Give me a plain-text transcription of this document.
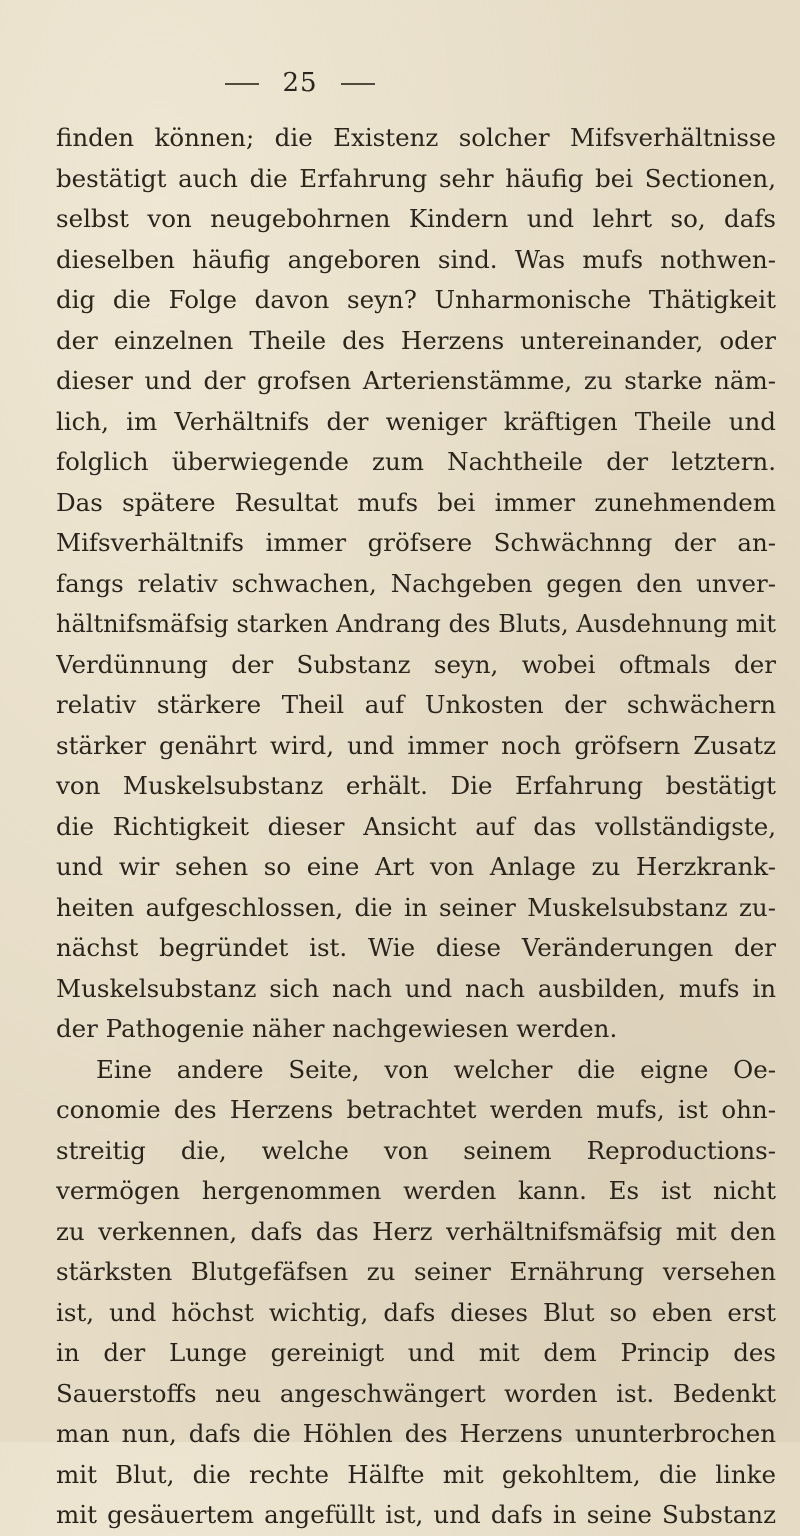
25
finden können; die Existenz solcher Mifsverhältnisse
bestätigt auch die Erfahrung sehr häufig bei Sectionen,
selbst von neugebohrnen Kindern und lehrt so, dafs
dieselben häufig angeboren sind. Was mufs nothwen-
dig die Folge davon seyn? Unharmonische Thätigkeit
der einzelnen Theile des Herzens untereinander, oder
dieser und der grofsen Arterienstämme, zu starke näm-
lich, im Verhältnifs der weniger kräftigen Theile und
folglich überwiegende zum Nachtheile der letztern.
Das spätere Resultat mufs bei immer zunehmendem
Mifsverhältnifs immer gröfsere Schwächnng der an-
fangs relativ schwachen, Nachgeben gegen den unver-
hältnifsmäfsig starken Andrang des Bluts, Ausdehnung mit
Verdünnung der Substanz seyn, wobei oftmals der
relativ stärkere Theil auf Unkosten der schwächern
stärker genährt wird, und immer noch gröfsern Zusatz
von Muskelsubstanz erhält. Die Erfahrung bestätigt
die Richtigkeit dieser Ansicht auf das vollständigste,
und wir sehen so eine Art von Anlage zu Herzkrank-
heiten aufgeschlossen, die in seiner Muskelsubstanz zu-
nächst begründet ist. Wie diese Veränderungen der
Muskelsubstanz sich nach und nach ausbilden, mufs in
der Pathogenie näher nachgewiesen werden.
Eine andere Seite, von welcher die eigne Oe-
conomie des Herzens betrachtet werden mufs, ist ohn-
streitig die, welche von seinem Reproductions-
vermögen hergenommen werden kann. Es ist nicht
zu verkennen, dafs das Herz verhältnifsmäfsig mit den
stärksten Blutgefäfsen zu seiner Ernährung versehen
ist, und höchst wichtig, dafs dieses Blut so eben erst
in der Lunge gereinigt und mit dem Princip des
Sauerstoffs neu angeschwängert worden ist. Bedenkt
man nun, dafs die Höhlen des Herzens ununterbrochen
mit Blut, die rechte Hälfte mit gekohltem, die linke
mit gesäuertem angefüllt ist, und dafs in seine Substanz
